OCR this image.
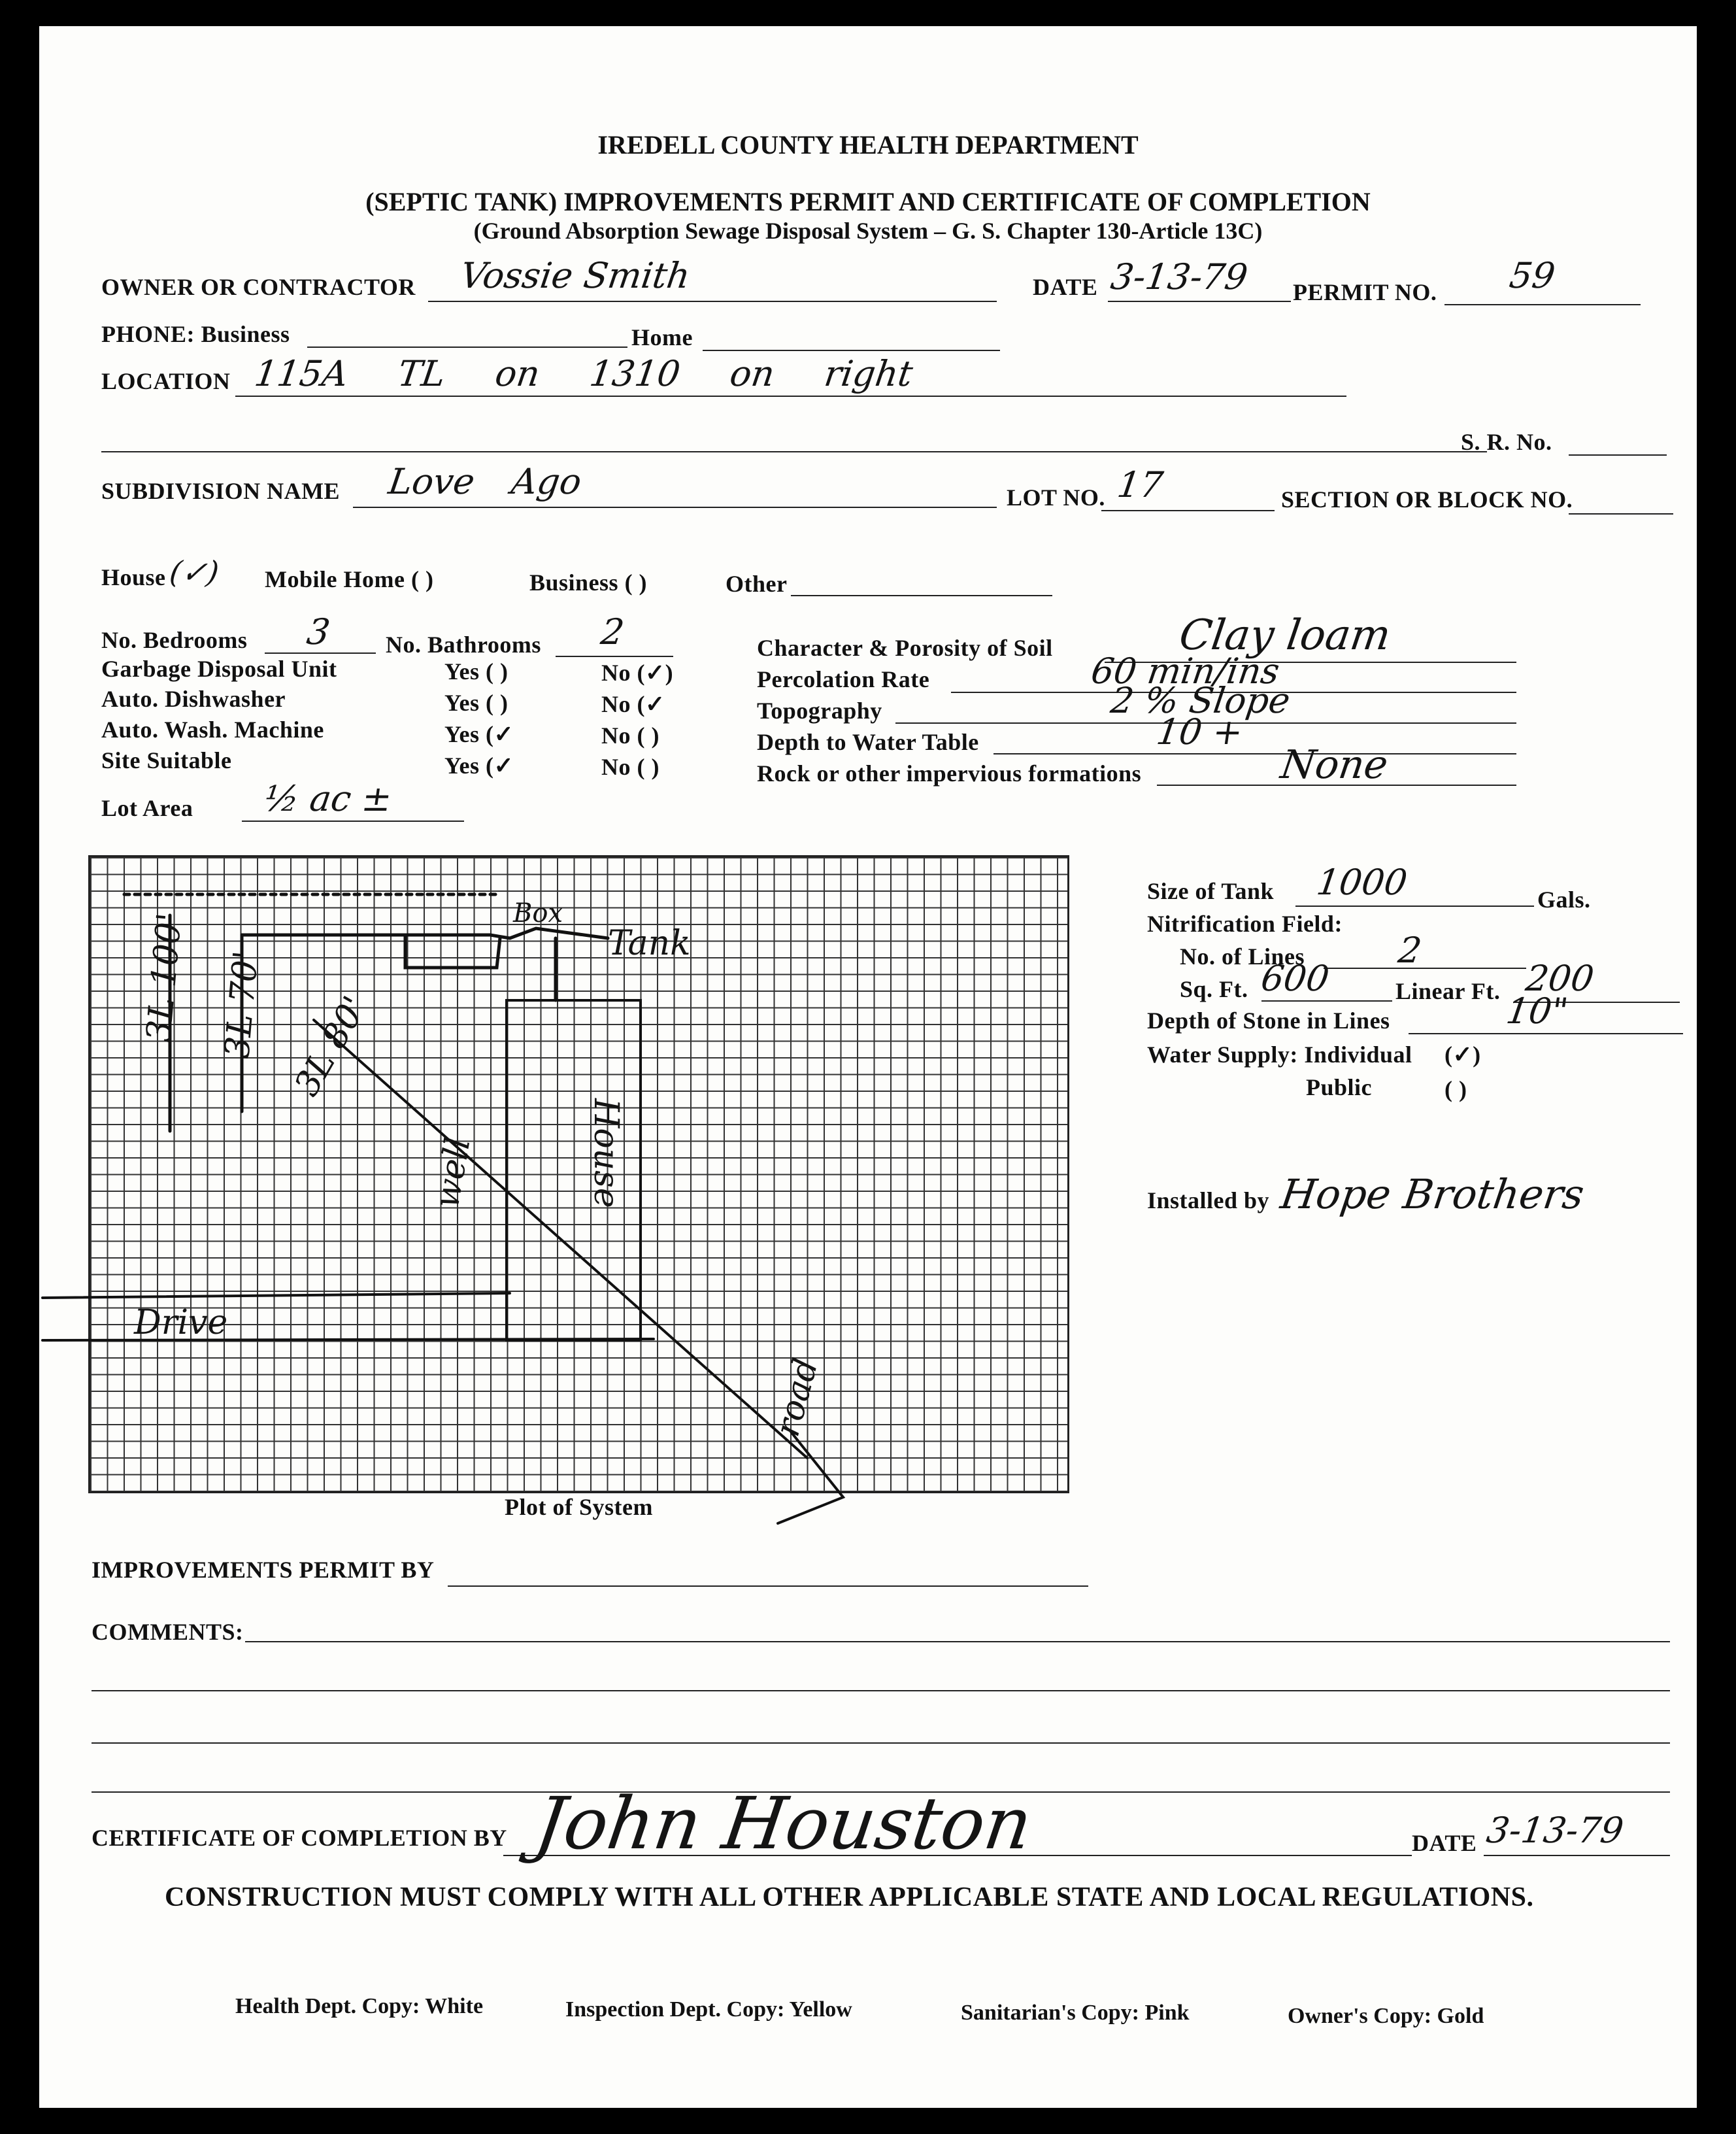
IREDELL COUNTY HEALTH DEPARTMENT
(SEPTIC TANK) IMPROVEMENTS PERMIT AND CERTIFICATE OF COMPLETION
(Ground Absorption Sewage Disposal System – G. S. Chapter 130-Article 13C)
OWNER OR CONTRACTOR Vossie Smith	DATE 3-13-79 PERMIT NO. 59
PHONE: Business	Home
LOCATION 115A TL on 1310 on right
S. R. No.
SUBDIVISION NAME Love Ago	LOT NO. 17	SECTION OR BLOCK NO.
House (✓) Mobile Home ( )	Business ( )	Other
No. Bedrooms 3 No. Bathrooms 2
Garbage Disposal Unit	Yes ( )	No (✓)
Auto. Dishwasher	Yes ( )	No (✓
Auto. Wash. Machine	Yes (✓	No ( )
Site Suitable	Yes (✓	No ( )
Lot Area ½ ac ±
Character & Porosity of Soil	Clay loam
Percolation Rate	60 min/ins
Topography	2 % Slope
Depth to Water Table	10 +
Rock or other impervious formations	None
3L 100' 3L 70' 3L 80'
Box
Tank
House
well
Drive
road
Plot of System
Size of Tank 1000	Gals.
Nitrification Field:
No. of Lines	2
Sq. Ft. 600	Linear Ft. 200
Depth of Stone in Lines	10"
Water Supply: Individual (✓)
Public	( )
Installed by Hope Brothers
IMPROVEMENTS PERMIT BY
COMMENTS:
CERTIFICATE OF COMPLETION BY John Houston	DATE 3-13-79
CONSTRUCTION MUST COMPLY WITH ALL OTHER APPLICABLE STATE AND LOCAL REGULATIONS.
Health Dept. Copy: White	Inspection Dept. Copy: Yellow	Sanitarian's Copy: Pink	Owner's Copy: Gold
